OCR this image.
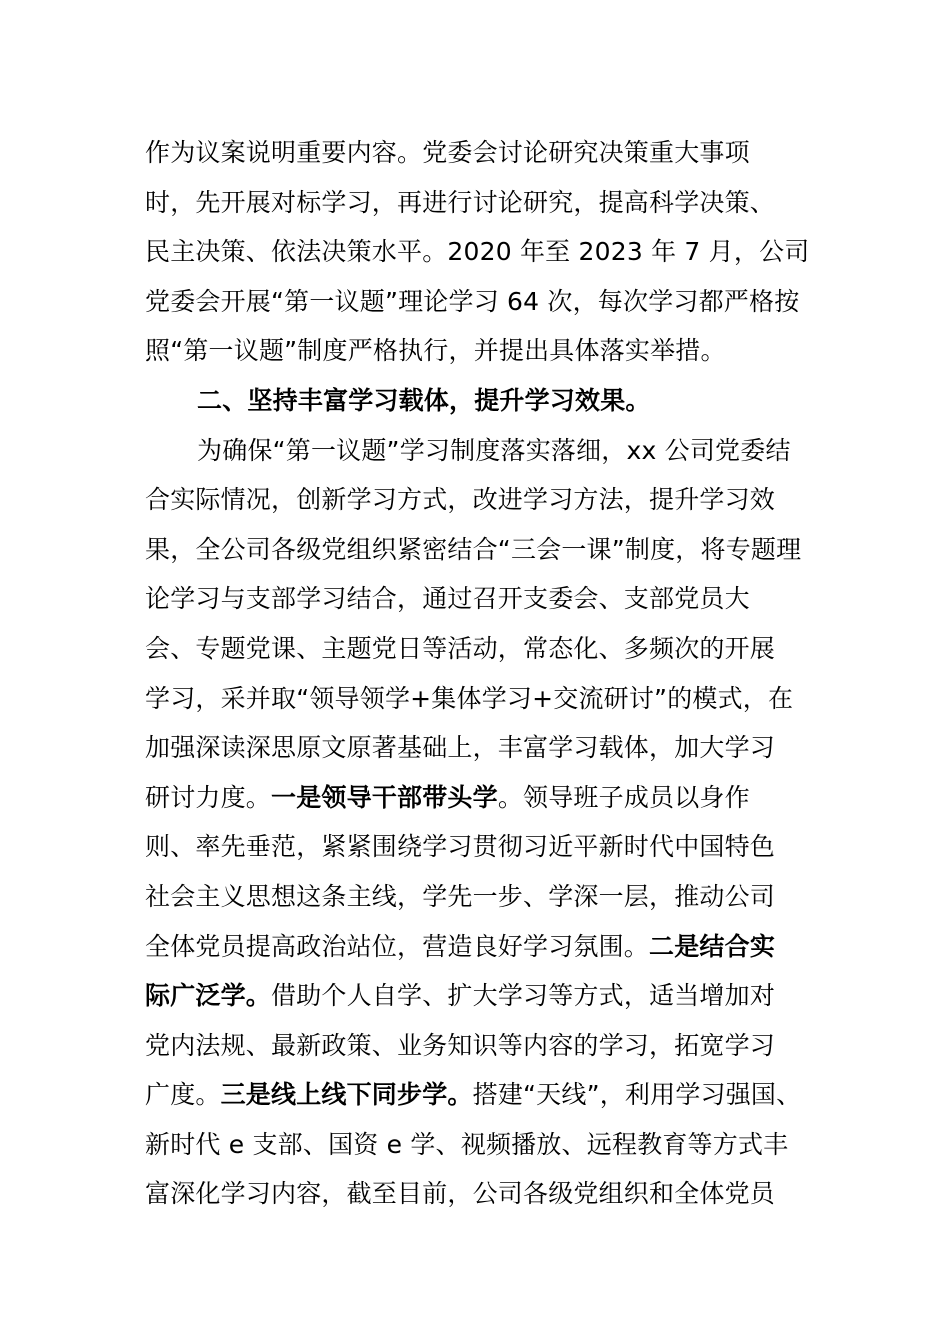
作为议案说明重要内容。党委会讨论研究决策重大事项
时，先开展对标学习，再进行讨论研究，提高科学决策、
民主决策、依法决策水平。2020 年至 2023 年 7 月，公司
党委会开展“第一议题”理论学习 64 次，每次学习都严格按
照“第一议题”制度严格执行，并提出具体落实举措。
二、坚持丰富学习载体，提升学习效果。
为确保“第一议题”学习制度落实落细，xx 公司党委结
合实际情况，创新学习方式，改进学习方法，提升学习效
果，全公司各级党组织紧密结合“三会一课”制度，将专题理
论学习与支部学习结合，通过召开支委会、支部党员大
会、专题党课、主题党日等活动，常态化、多频次的开展
学习，采并取“领导领学+集体学习+交流研讨”的模式，在
加强深读深思原文原著基础上，丰富学习载体，加大学习
研讨力度。一是领导干部带头学。领导班子成员以身作
则、率先垂范，紧紧围绕学习贯彻习近平新时代中国特色
社会主义思想这条主线，学先一步、学深一层，推动公司
全体党员提高政治站位，营造良好学习氛围。二是结合实
际广泛学。借助个人自学、扩大学习等方式，适当增加对
党内法规、最新政策、业务知识等内容的学习，拓宽学习
广度。三是线上线下同步学。搭建“天线”，利用学习强国、
新时代 e 支部、国资 e 学、视频播放、远程教育等方式丰
富深化学习内容，截至目前，公司各级党组织和全体党员
